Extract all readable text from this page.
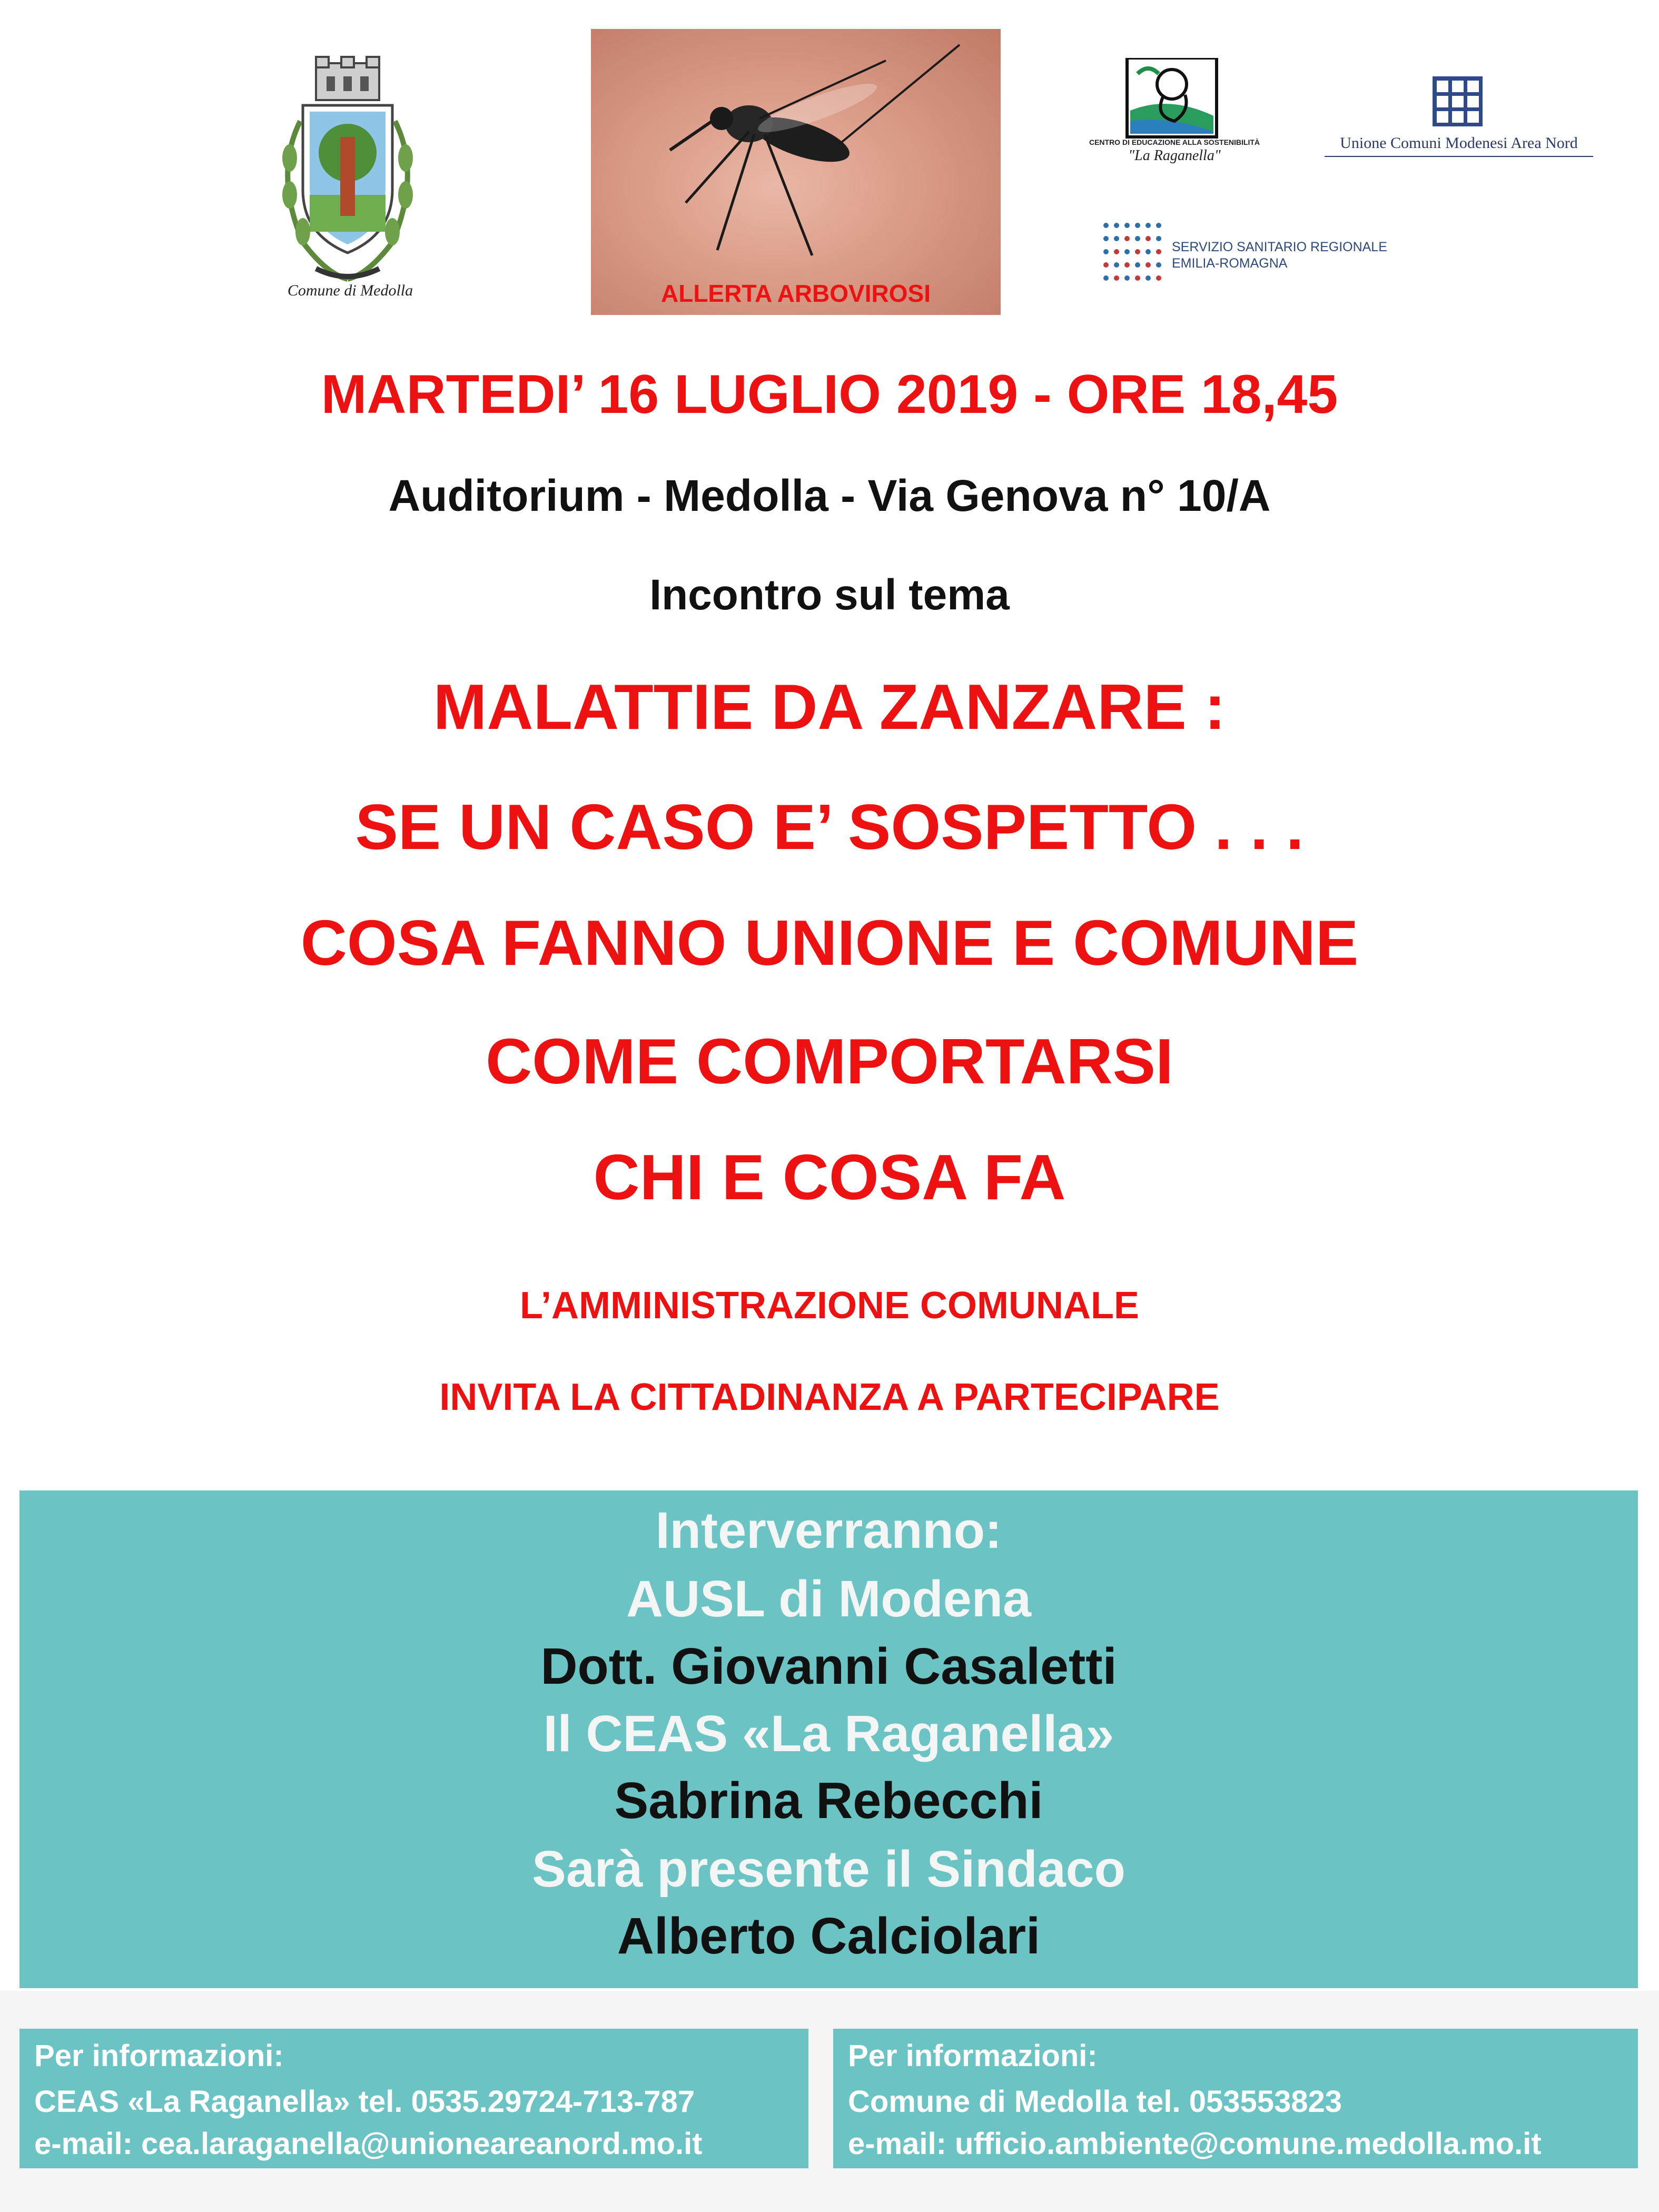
Comune di Medolla	ALLERTA ARBOVIROSI
CENTRO DI EDUCAZIONE ALLA SOSTENIBILITÀ
"La Raganella"
Unione Comuni Modenesi Area Nord
SERVIZIO SANITARIO REGIONALE
EMILIA-ROMAGNA
MARTEDI’ 16 LUGLIO 2019 - ORE 18,45
Auditorium - Medolla - Via Genova n° 10/A
Incontro sul tema
MALATTIE DA ZANZARE :
SE UN CASO E’ SOSPETTO . . .
COSA FANNO UNIONE E COMUNE
COME COMPORTARSI
CHI E COSA FA
L’AMMINISTRAZIONE COMUNALE
INVITA LA CITTADINANZA A PARTECIPARE
Interverranno:
AUSL di Modena
Dott. Giovanni Casaletti
Il CEAS «La Raganella»
Sabrina Rebecchi
Sarà presente il Sindaco
Alberto Calciolari
Per informazioni:
CEAS «La Raganella» tel. 0535.29724-713-787
e-mail: cea.laraganella@unioneareanord.mo.it
Per informazioni:
Comune di Medolla tel. 053553823
e-mail: ufficio.ambiente@comune.medolla.mo.it
